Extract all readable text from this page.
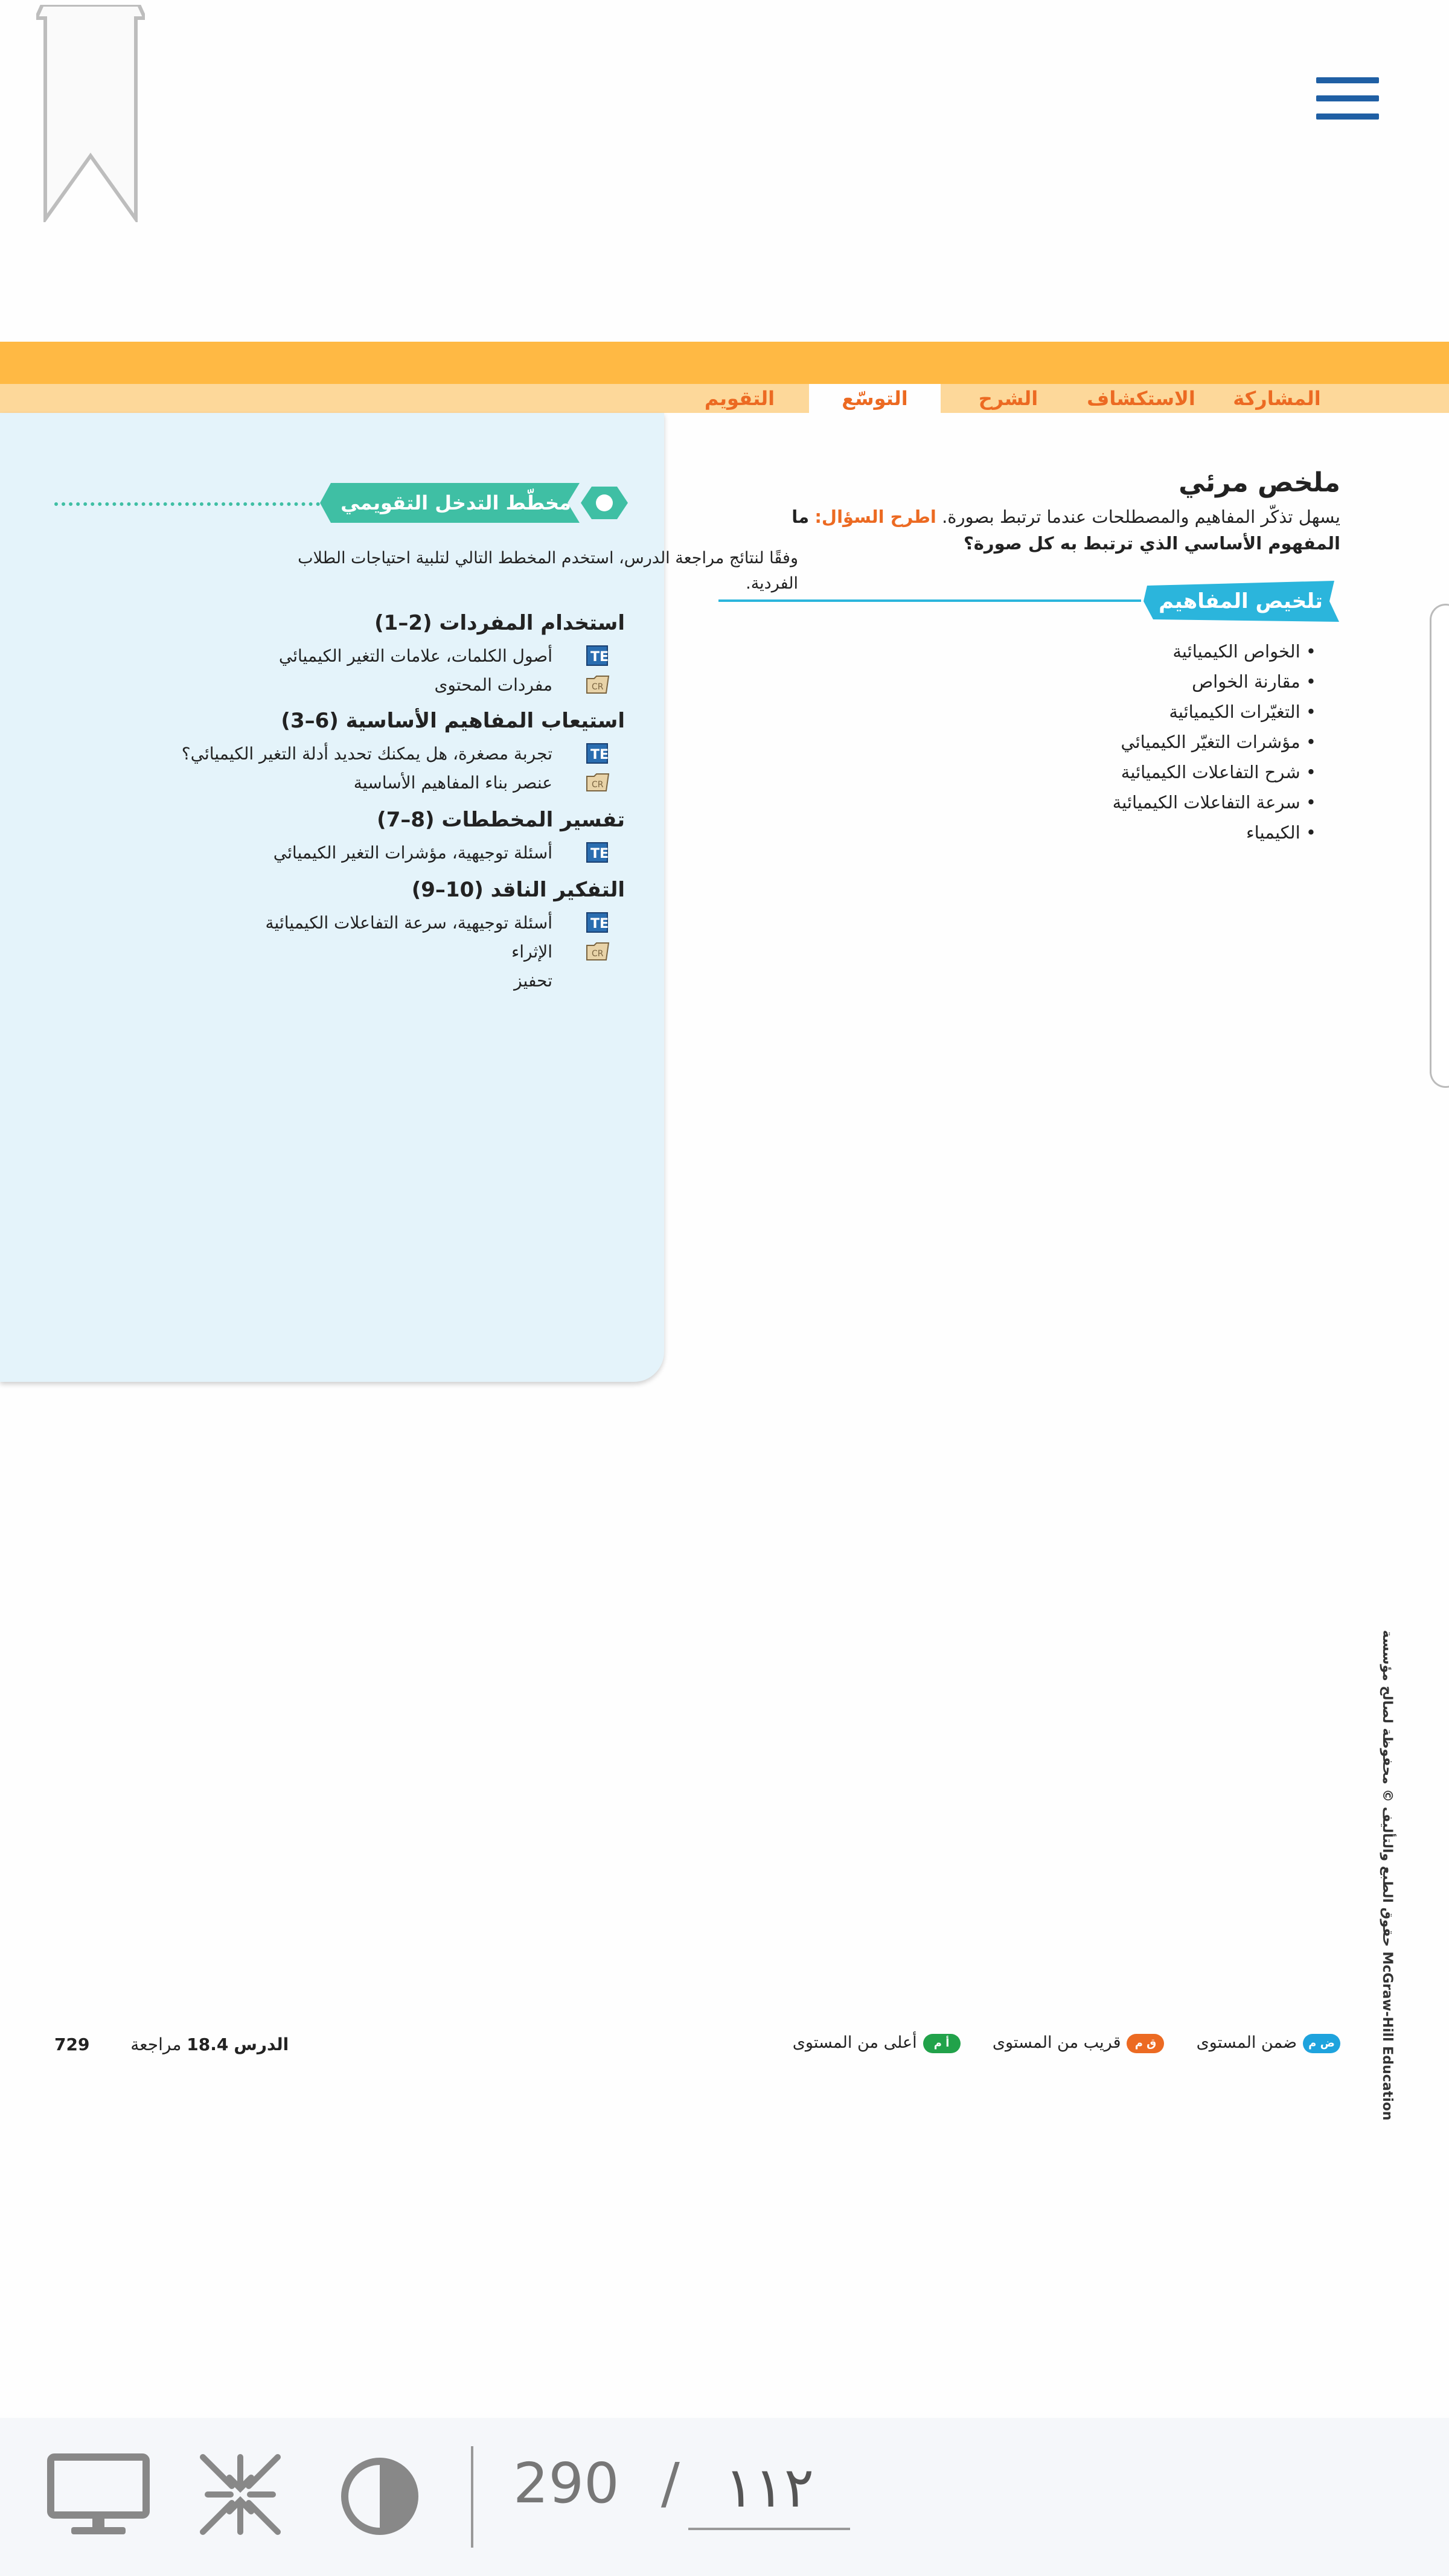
المشاركة
الاستكشاف
الشرح
التوسّع
التقويم
مخطّط التدخل التقويمي
وفقًا لنتائج مراجعة الدرس، استخدم المخطط التالي لتلبية احتياجات الطلاب الفردية.
استخدام المفردات (2–1)
TE
أصول الكلمات، علامات التغير الكيميائي
CR
مفردات المحتوى
استيعاب المفاهيم الأساسية (6–3)
TE
تجربة مصغرة، هل يمكنك تحديد أدلة التغير الكيميائي؟
CR
عنصر بناء المفاهيم الأساسية
تفسير المخططات (8–7)
TE
أسئلة توجيهية، مؤشرات التغير الكيميائي
التفكير الناقد (10–9)
TE
أسئلة توجيهية، سرعة التفاعلات الكيميائية
CR
الإثراء
تحفيز
ملخص مرئي
يسهل تذكّر المفاهيم والمصطلحات عندما ترتبط بصورة. اطرح السؤال: ما المفهوم الأساسي الذي ترتبط به كل صورة؟
تلخيص المفاهيم
• الخواص الكيميائية
• مقارنة الخواص
• التغيّرات الكيميائية
• مؤشرات التغيّر الكيميائي
• شرح التفاعلات الكيميائية
• سرعة التفاعلات الكيميائية
• الكيمياء
حقوق الطبع والتأليف © محفوظة لصالح مؤسسة McGraw-Hill Education
ض مضمن المستوى  ق مقريب من المستوى  أ مأعلى من المستوى
الدرس 18.4 مراجعة  729
290 / ١١٢
